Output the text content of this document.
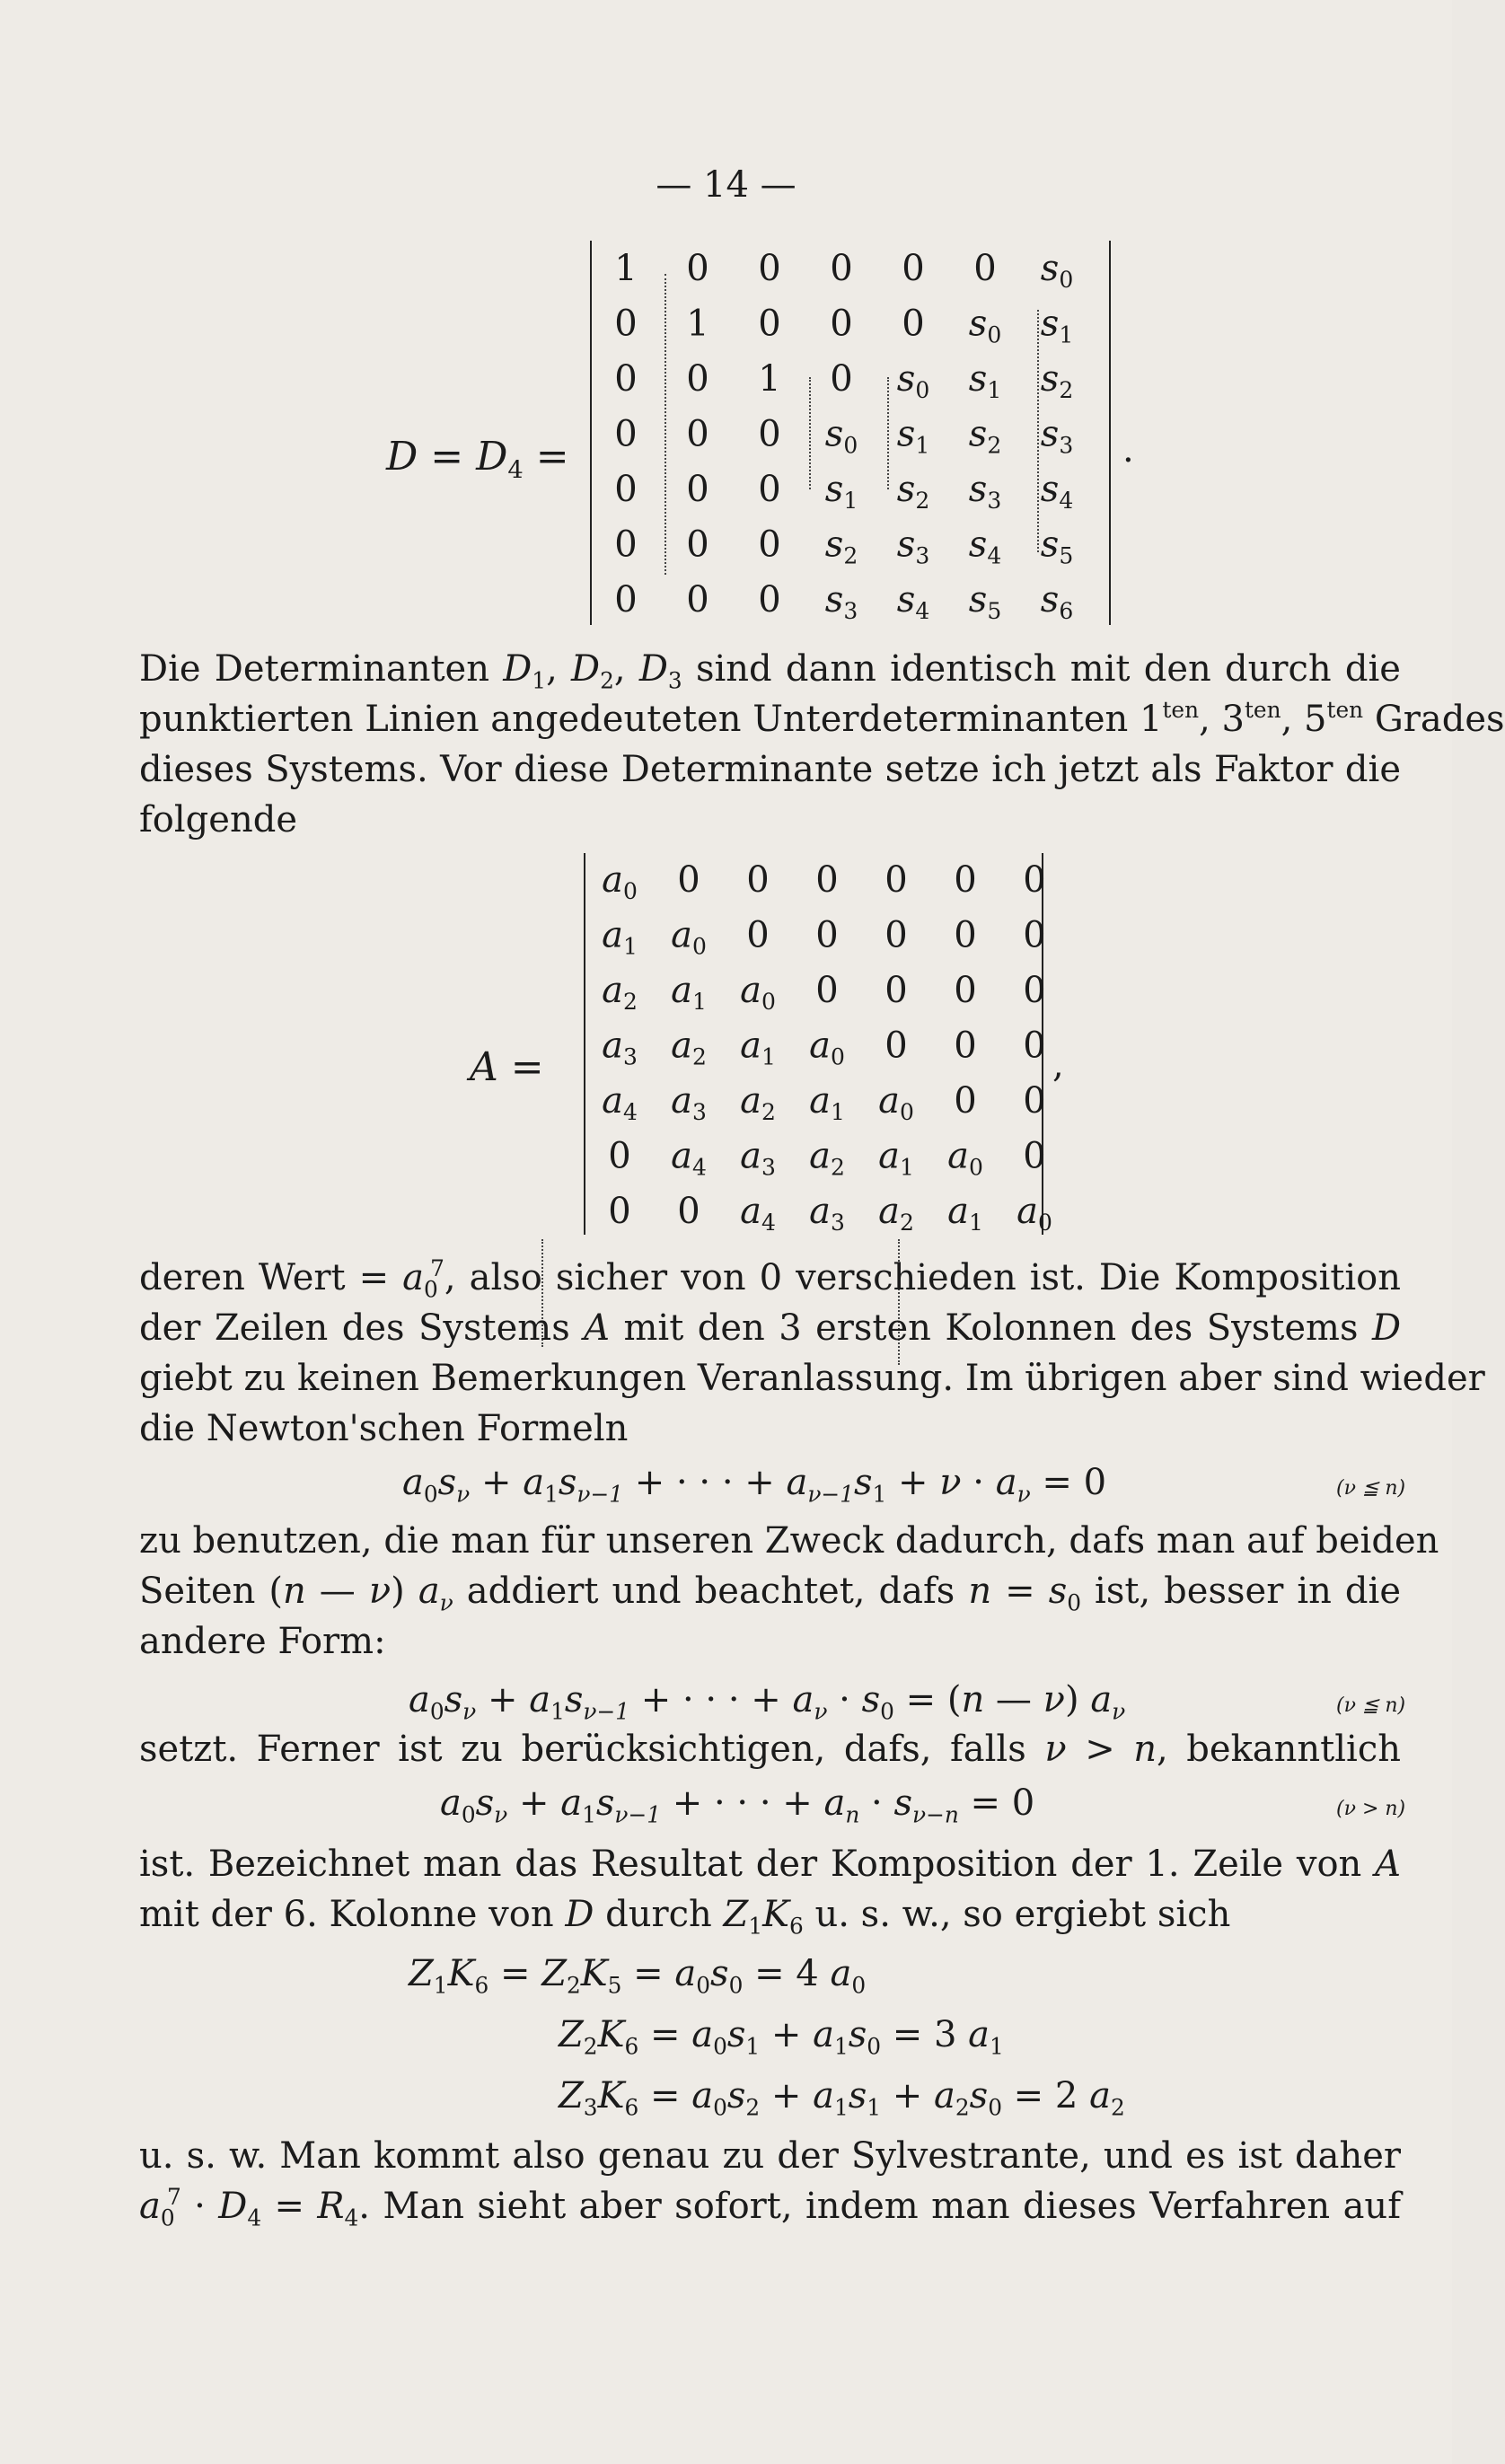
— 14 —
$D = D_4$ =	.
1 0 0 0 0 0 $s_0$
0 1 0 0 0 $s_0$ $s_1$
0 0 1 0 $s_0$ $s_1$ $s_2$
0 0 0 $s_0$ $s_1$ $s_2$ $s_3$
0 0 0 $s_1$ $s_2$ $s_3$ $s_4$
0 0 0 $s_2$ $s_3$ $s_4$ $s_5$
0 0 0 $s_3$ $s_4$ $s_5$ $s_6$
Die Determinanten $D_1$, $D_2$, $D_3$ sind dann identisch mit den durch die
punktierten Linien angedeuteten Unterdeterminanten $1^{ten}$, $3^{ten}$, $5^{ten}$ Grades
dieses Systems. Vor diese Determinante setze ich jetzt als Faktor die
folgende
A =	,
$a_0$ 0 0 0 0 0 0
$a_1$ $a_0$ 0 0 0 0 0
$a_2$ $a_1$ $a_0$ 0 0 0 0
$a_3$ $a_2$ $a_1$ $a_0$ 0 0 0
$a_4$ $a_3$ $a_2$ $a_1$ $a_0$ 0 0
0 $a_4$ $a_3$ $a_2$ $a_1$ $a_0$ 0
0 0 $a_4$ $a_3$ $a_2$ $a_1$ $a_0$
deren Wert = $a_0^7$, also sicher von 0 verschieden ist. Die Komposition
der Zeilen des Systems A mit den 3 ersten Kolonnen des Systems D
giebt zu keinen Bemerkungen Veranlassung. Im übrigen aber sind wieder
die Newton'schen Formeln
$a_0s_\nu + a_1s_{\nu-1}$ + · · · + $a_{\nu-1}s_1 + \nu \cdot a_\nu = 0$	(ν ≦ n)
zu benutzen, die man für unseren Zweck dadurch, dafs man auf beiden
Seiten (n — ν) $a_\nu$ addiert und beachtet, dafs $n = s_0$ ist, besser in die
andere Form:
$a_0s_\nu + a_1s_{\nu-1}$ + · · · + $a_\nu \cdot s_0 = (n$ — ν) $a_\nu$	(ν ≦ n)
setzt. Ferner ist zu berücksichtigen, dafs, falls ν > n, bekanntlich
$a_0s_\nu + a_1s_{\nu-1}$ + · · · + $a_n \cdot s_{\nu-n} = 0$	(ν > n)
ist. Bezeichnet man das Resultat der Komposition der 1. Zeile von A
mit der 6. Kolonne von D durch $Z_1K_6$ u. s. w., so ergiebt sich
$Z_1K_6 = Z_2K_5 = a_0s_0 = 4$ $a_0$
$Z_2K_6 = a_0s_1 + a_1s_0 = 3$ $a_1$
$Z_3K_6 = a_0s_2 + a_1s_1 + a_2s_0 = 2$ $a_2$
u. s. w. Man kommt also genau zu der Sylvestrante, und es ist daher
$a_0^7 \cdot D_4 = R_4$. Man sieht aber sofort, indem man dieses Verfahren auf
